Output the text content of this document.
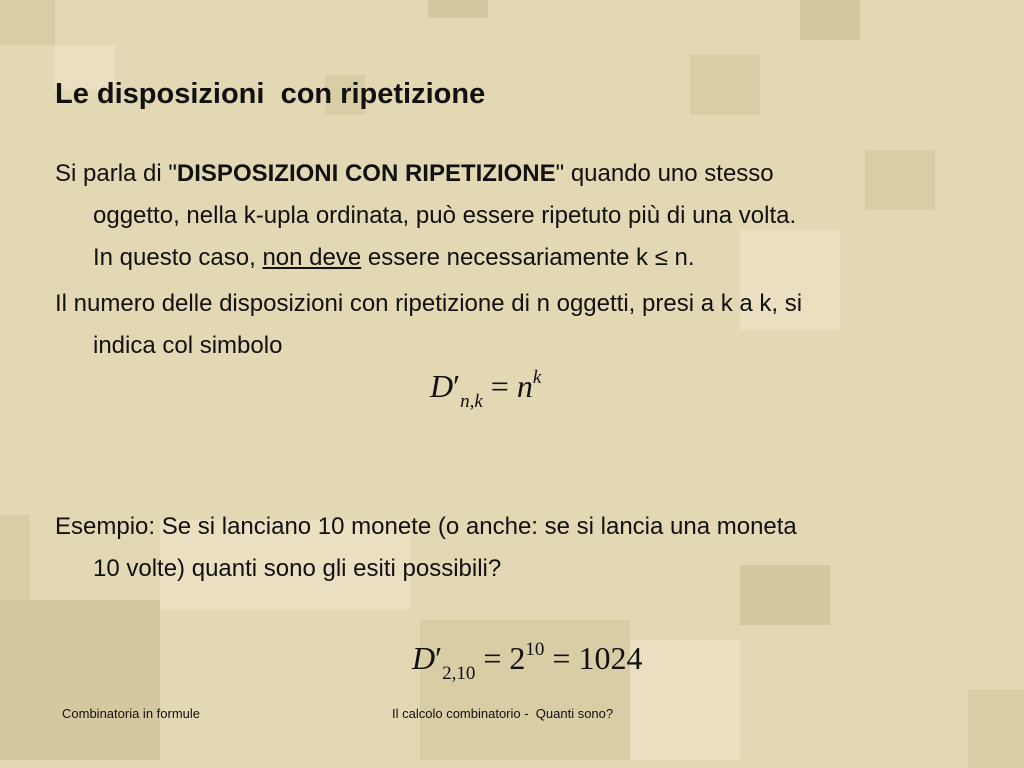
Le disposizioni  con ripetizione
Si parla di "DISPOSIZIONI CON RIPETIZIONE" quando uno stesso
oggetto, nella k-upla ordinata, può essere ripetuto più di una volta.
In questo caso, non deve essere necessariamente k ≤ n.
Il numero delle disposizioni con ripetizione di n oggetti, presi a k a k, si
indica col simbolo
$D'_{n,k} = n^k$
Esempio: Se si lanciano 10 monete (o anche: se si lancia una moneta
10 volte) quanti sono gli esiti possibili?
$D'_{2,10} = 2^{10} = 1024$
Combinatoria in formule	Il calcolo combinatorio -  Quanti sono?
